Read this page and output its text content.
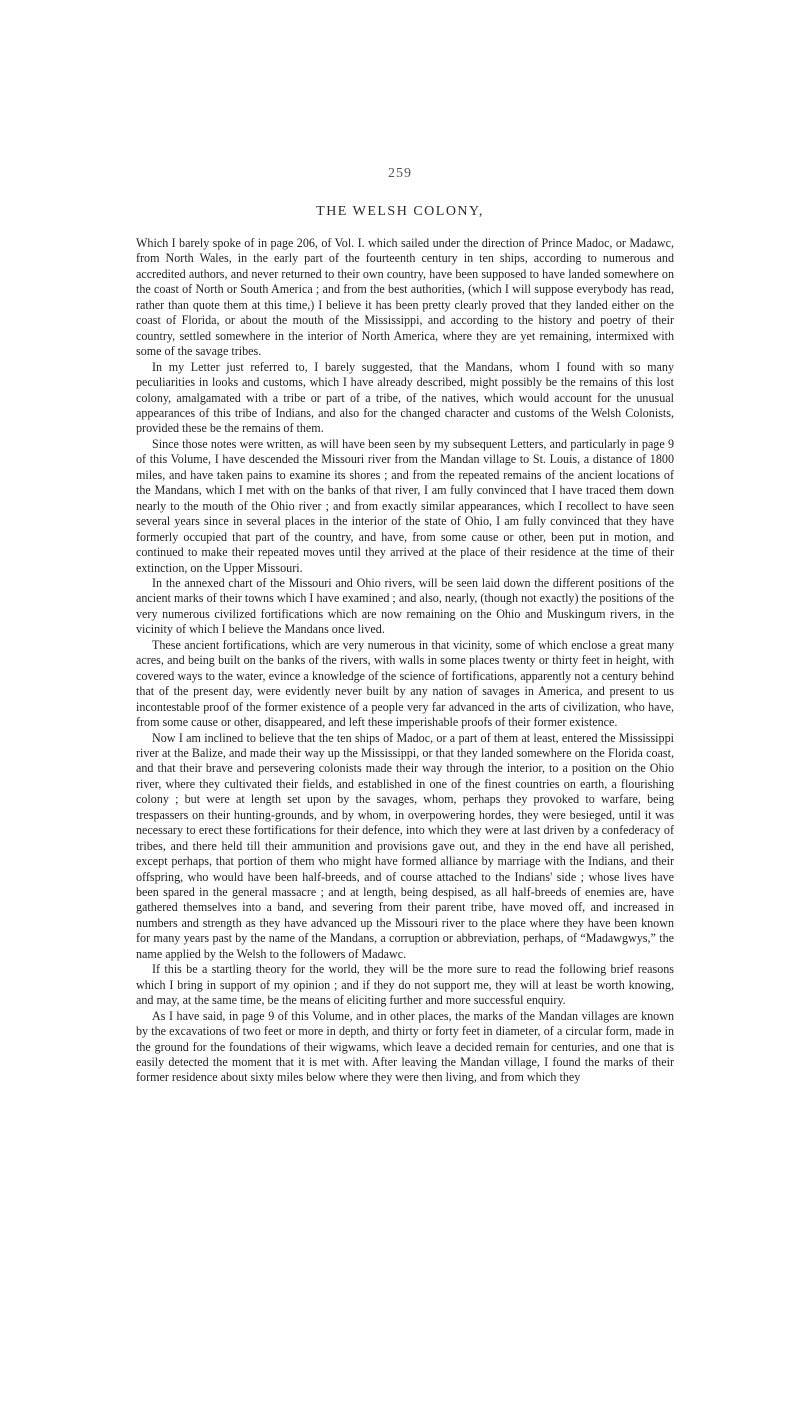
259
THE WELSH COLONY,

Which I barely spoke of in page 206, of Vol. I. which sailed under the direction of Prince Madoc, or Madawc, from North Wales, in the early part of the fourteenth century in ten ships, according to numerous and accredited authors, and never returned to their own country, have been supposed to have landed somewhere on the coast of North or South America ; and from the best authorities, (which I will suppose everybody has read, rather than quote them at this time,) I believe it has been pretty clearly proved that they landed either on the coast of Florida, or about the mouth of the Mississippi, and according to the history and poetry of their country, settled somewhere in the interior of North America, where they are yet remaining, intermixed with some of the savage tribes.

In my Letter just referred to, I barely suggested, that the Mandans, whom I found with so many peculiarities in looks and customs, which I have already described, might possibly be the remains of this lost colony, amalgamated with a tribe or part of a tribe, of the natives, which would account for the unusual appearances of this tribe of Indians, and also for the changed character and customs of the Welsh Colonists, provided these be the remains of them.

Since those notes were written, as will have been seen by my subsequent Letters, and particularly in page 9 of this Volume, I have descended the Missouri river from the Mandan village to St. Louis, a distance of 1800 miles, and have taken pains to examine its shores ; and from the repeated remains of the ancient locations of the Mandans, which I met with on the banks of that river, I am fully convinced that I have traced them down nearly to the mouth of the Ohio river ; and from exactly similar appearances, which I recollect to have seen several years since in several places in the interior of the state of Ohio, I am fully convinced that they have formerly occupied that part of the country, and have, from some cause or other, been put in motion, and continued to make their repeated moves until they arrived at the place of their residence at the time of their extinction, on the Upper Missouri.

In the annexed chart of the Missouri and Ohio rivers, will be seen laid down the different positions of the ancient marks of their towns which I have examined ; and also, nearly, (though not exactly) the positions of the very numerous civilized fortifications which are now remaining on the Ohio and Muskingum rivers, in the vicinity of which I believe the Mandans once lived.

These ancient fortifications, which are very numerous in that vicinity, some of which enclose a great many acres, and being built on the banks of the rivers, with walls in some places twenty or thirty feet in height, with covered ways to the water, evince a knowledge of the science of fortifications, apparently not a century behind that of the present day, were evidently never built by any nation of savages in America, and present to us incontestable proof of the former existence of a people very far advanced in the arts of civilization, who have, from some cause or other, disappeared, and left these imperishable proofs of their former existence.

Now I am inclined to believe that the ten ships of Madoc, or a part of them at least, entered the Mississippi river at the Balize, and made their way up the Mississippi, or that they landed somewhere on the Florida coast, and that their brave and persevering colonists made their way through the interior, to a position on the Ohio river, where they cultivated their fields, and established in one of the finest countries on earth, a flourishing colony ; but were at length set upon by the savages, whom, perhaps they provoked to warfare, being trespassers on their hunting-grounds, and by whom, in overpowering hordes, they were besieged, until it was necessary to erect these fortifications for their defence, into which they were at last driven by a confederacy of tribes, and there held till their ammunition and provisions gave out, and they in the end have all perished, except perhaps, that portion of them who might have formed alliance by marriage with the Indians, and their offspring, who would have been half-breeds, and of course attached to the Indians' side ; whose lives have been spared in the general massacre ; and at length, being despised, as all half-breeds of enemies are, have gathered themselves into a band, and severing from their parent tribe, have moved off, and increased in numbers and strength as they have advanced up the Missouri river to the place where they have been known for many years past by the name of the Mandans, a corruption or abbreviation, perhaps, of “Madawgwys,” the name applied by the Welsh to the followers of Madawc.

If this be a startling theory for the world, they will be the more sure to read the following brief reasons which I bring in support of my opinion ; and if they do not support me, they will at least be worth knowing, and may, at the same time, be the means of eliciting further and more successful enquiry.

As I have said, in page 9 of this Volume, and in other places, the marks of the Mandan villages are known by the excavations of two feet or more in depth, and thirty or forty feet in diameter, of a circular form, made in the ground for the foundations of their wigwams, which leave a decided remain for centuries, and one that is easily detected the moment that it is met with. After leaving the Mandan village, I found the marks of their former residence about sixty miles below where they were then living, and from which they
